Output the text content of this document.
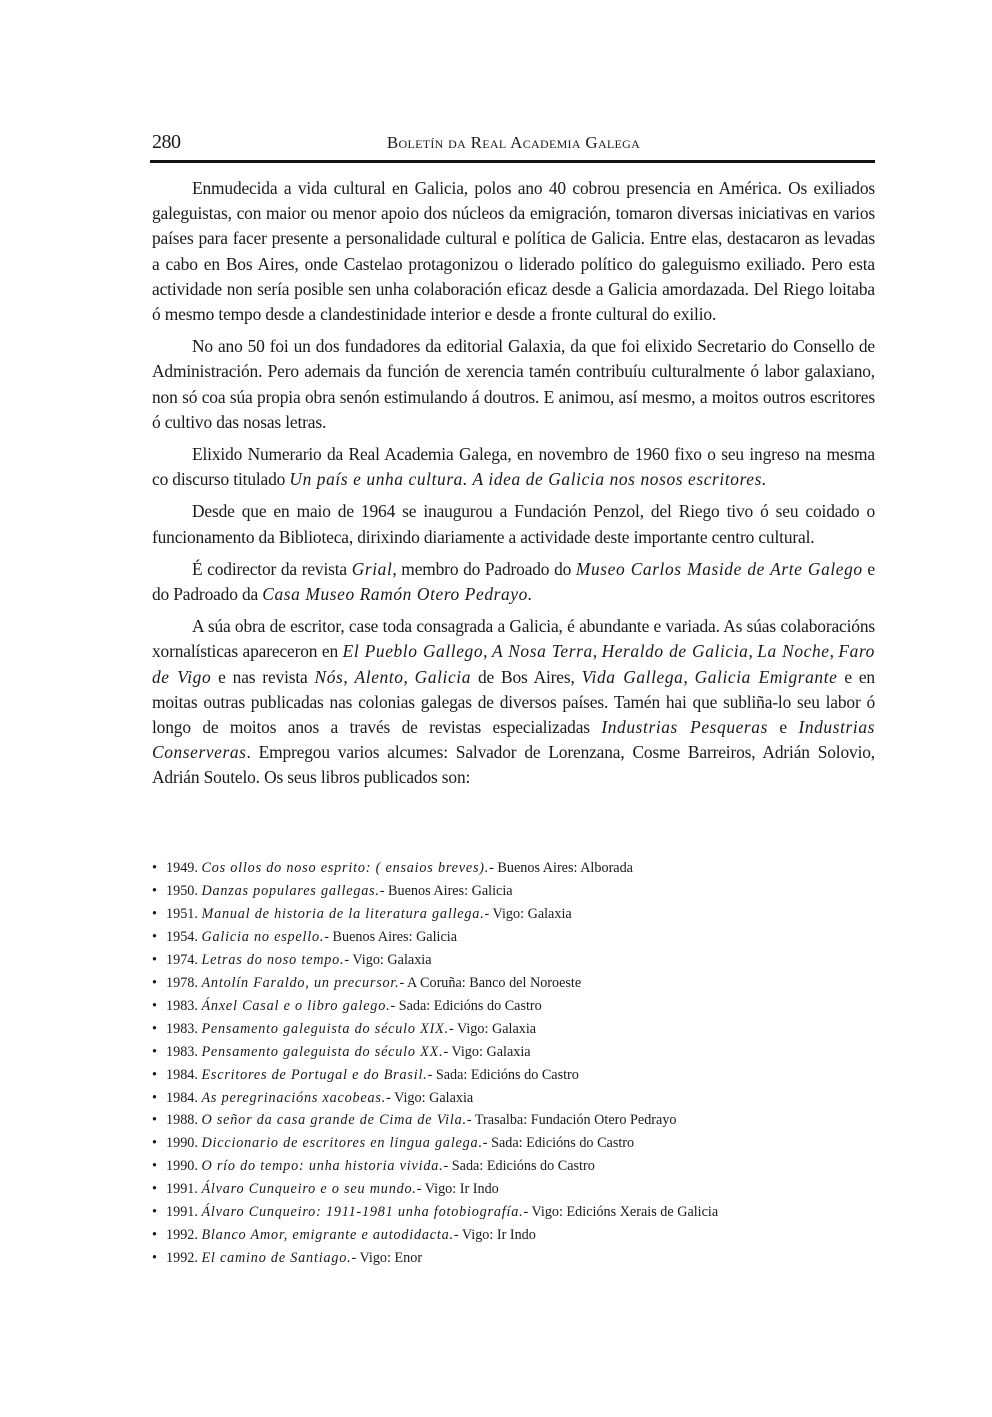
280	Boletín da Real Academia Galega

Enmudecida a vida cultural en Galicia, polos ano 40 cobrou presencia en América. Os exiliados galeguistas, con maior ou menor apoio dos núcleos da emigración, tomaron diversas iniciativas en varios países para facer presente a personalidade cultural e política de Galicia. Entre elas, destacaron as levadas a cabo en Bos Aires, onde Castelao protagonizou o liderado político do galeguismo exiliado. Pero esta actividade non sería posible sen unha colaboración eficaz desde a Galicia amordazada. Del Riego loitaba ó mesmo tempo desde a clandestinidade interior e desde a fronte cultural do exilio.

No ano 50 foi un dos fundadores da editorial Galaxia, da que foi elixido Secretario do Consello de Administración. Pero ademais da función de xerencia tamén contribuíu culturalmente ó labor galaxiano, non só coa súa propia obra senón estimulando á doutros. E animou, así mesmo, a moitos outros escritores ó cultivo das nosas letras.

Elixido Numerario da Real Academia Galega, en novembro de 1960 fixo o seu ingreso na mesma co discurso titulado Un país e unha cultura. A idea de Galicia nos nosos escritores.

Desde que en maio de 1964 se inaugurou a Fundación Penzol, del Riego tivo ó seu coidado o funcionamento da Biblioteca, dirixindo diariamente a actividade deste importante centro cultural.

É codirector da revista Grial, membro do Padroado do Museo Carlos Maside de Arte Galego e do Padroado da Casa Museo Ramón Otero Pedrayo.

A súa obra de escritor, case toda consagrada a Galicia, é abundante e variada. As súas colaboracións xornalísticas apareceron en El Pueblo Gallego, A Nosa Terra, Heraldo de Galicia, La Noche, Faro de Vigo e nas revista Nós, Alento, Galicia de Bos Aires, Vida Gallega, Galicia Emigrante e en moitas outras publicadas nas colonias galegas de diversos países. Tamén hai que subliña-lo seu labor ó longo de moitos anos a través de revistas especializadas Industrias Pesqueras e Industrias Conserveras. Empregou varios alcumes: Salvador de Lorenzana, Cosme Barreiros, Adrián Solovio, Adrián Soutelo. Os seus libros publicados son:

• 1949. Cos ollos do noso esprito: ( ensaios breves).- Buenos Aires: Alborada
• 1950. Danzas populares gallegas.- Buenos Aires: Galicia
• 1951. Manual de historia de la literatura gallega.- Vigo: Galaxia
• 1954. Galicia no espello.- Buenos Aires: Galicia
• 1974. Letras do noso tempo.- Vigo: Galaxia
• 1978. Antolín Faraldo, un precursor.- A Coruña: Banco del Noroeste
• 1983. Ánxel Casal e o libro galego.- Sada: Edicións do Castro
• 1983. Pensamento galeguista do século XIX.- Vigo: Galaxia
• 1983. Pensamento galeguista do século XX.- Vigo: Galaxia
• 1984. Escritores de Portugal e do Brasil.- Sada: Edicións do Castro
• 1984. As peregrinacións xacobeas.- Vigo: Galaxia
• 1988. O señor da casa grande de Cima de Vila.- Trasalba: Fundación Otero Pedrayo
• 1990. Diccionario de escritores en lingua galega.- Sada: Edicións do Castro
• 1990. O río do tempo: unha historia vivida.- Sada: Edicións do Castro
• 1991. Álvaro Cunqueiro e o seu mundo.- Vigo: Ir Indo
• 1991. Álvaro Cunqueiro: 1911-1981 unha fotobiografía.- Vigo: Edicións Xerais de Galicia
• 1992. Blanco Amor, emigrante e autodidacta.- Vigo: Ir Indo
• 1992. El camino de Santiago.- Vigo: Enor
